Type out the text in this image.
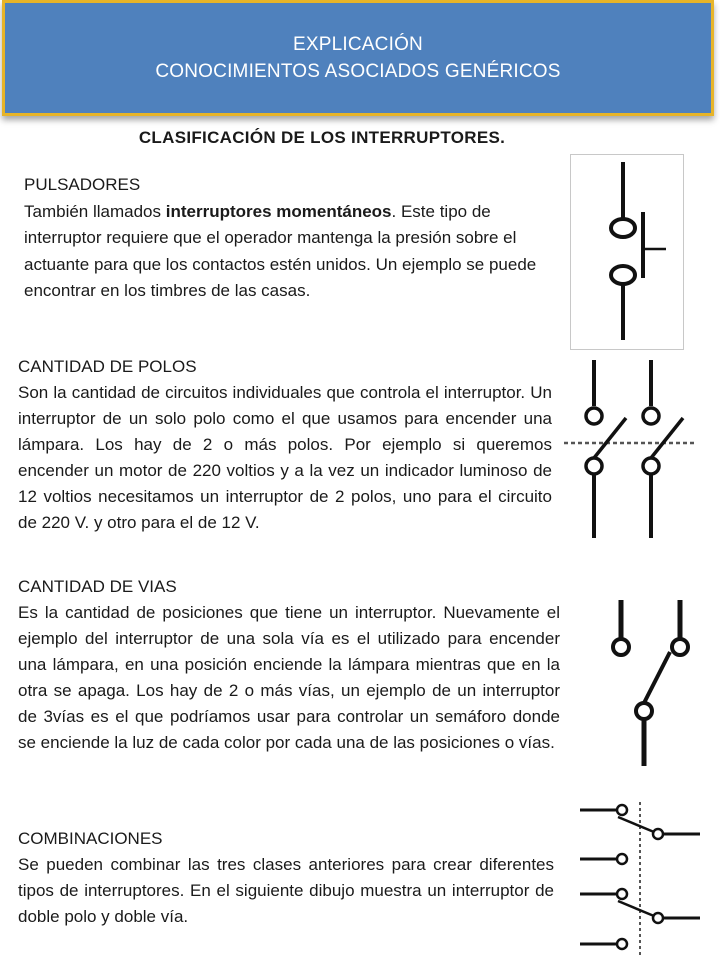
EXPLICACIÓN
CONOCIMIENTOS ASOCIADOS GENÉRICOS
CLASIFICACIÓN DE LOS INTERRUPTORES.
PULSADORES
También llamados interruptores momentáneos. Este tipo de interruptor requiere que el operador mantenga la presión sobre el actuante para que los contactos estén unidos. Un ejemplo se puede encontrar en los timbres de las casas.
CANTIDAD DE POLOS
Son la cantidad de circuitos individuales que controla el interruptor. Un interruptor de un solo polo como el que usamos para encender una lámpara. Los hay de 2 o más polos. Por ejemplo si queremos encender un motor de 220 voltios y a la vez un indicador luminoso de 12 voltios necesitamos un interruptor de 2 polos, uno para el circuito de 220 V. y otro para el de 12 V.
CANTIDAD DE VIAS
Es la cantidad de posiciones que tiene un interruptor. Nuevamente el ejemplo del interruptor de una sola vía es el utilizado para encender una lámpara, en una posición enciende la lámpara mientras que en la otra se apaga. Los hay de 2 o más vías, un ejemplo de un interruptor de 3vías es el que podríamos usar para controlar un semáforo donde se enciende la luz de cada color por cada una de las posiciones o vías.
COMBINACIONES
Se pueden combinar las tres clases anteriores para crear diferentes tipos de interruptores. En el siguiente dibujo muestra un interruptor de doble polo y doble vía.
